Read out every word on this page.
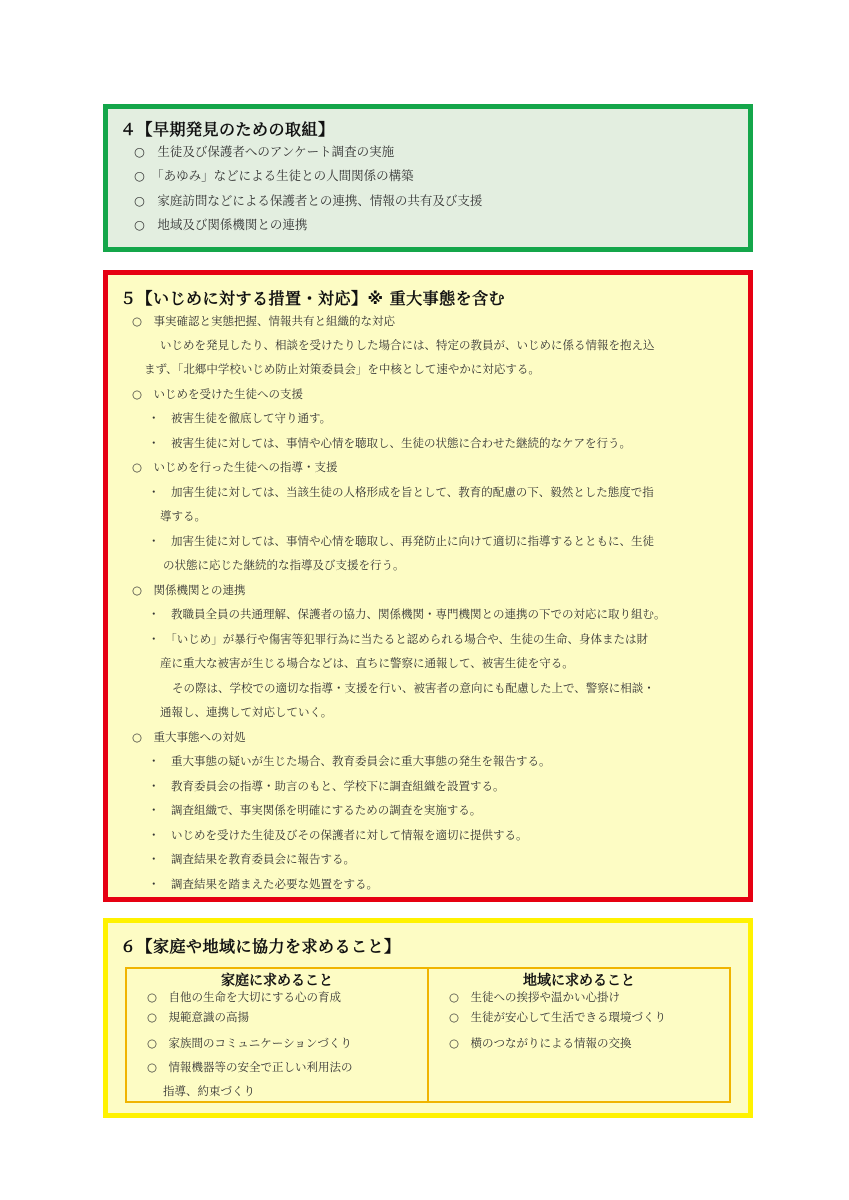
４【早期発見のための取組】
○　生徒及び保護者へのアンケート調査の実施
○　「あゆみ」などによる生徒との人間関係の構築
○　家庭訪問などによる保護者との連携、情報の共有及び支援
○　地域及び関係機関との連携
５【いじめに対する措置・対応】※ 重大事態を含む
○　事実確認と実態把握、情報共有と組織的な対応
いじめを発見したり、相談を受けたりした場合には、特定の教員が、いじめに係る情報を抱え込
まず、「北郷中学校いじめ防止対策委員会」を中核として速やかに対応する。
○　いじめを受けた生徒への支援
・　被害生徒を徹底して守り通す。
・　被害生徒に対しては、事情や心情を聴取し、生徒の状態に合わせた継続的なケアを行う。
○　いじめを行った生徒への指導・支援
・　加害生徒に対しては、当該生徒の人格形成を旨として、教育的配慮の下、毅然とした態度で指
導する。
・　加害生徒に対しては、事情や心情を聴取し、再発防止に向けて適切に指導するとともに、生徒
の状態に応じた継続的な指導及び支援を行う。
○　関係機関との連携
・　教職員全員の共通理解、保護者の協力、関係機関・専門機関との連携の下での対応に取り組む。
・　「いじめ」が暴行や傷害等犯罪行為に当たると認められる場合や、生徒の生命、身体または財
産に重大な被害が生じる場合などは、直ちに警察に通報して、被害生徒を守る。
その際は、学校での適切な指導・支援を行い、被害者の意向にも配慮した上で、警察に相談・
通報し、連携して対応していく。
○　重大事態への対処
・　重大事態の疑いが生じた場合、教育委員会に重大事態の発生を報告する。
・　教育委員会の指導・助言のもと、学校下に調査組織を設置する。
・　調査組織で、事実関係を明確にするための調査を実施する。
・　いじめを受けた生徒及びその保護者に対して情報を適切に提供する。
・　調査結果を教育委員会に報告する。
・　調査結果を踏まえた必要な処置をする。
６【家庭や地域に協力を求めること】
家庭に求めること
○　自他の生命を大切にする心の育成
○　規範意識の高揚
○　家族間のコミュニケーションづくり
○　情報機器等の安全で正しい利用法の
指導、約束づくり

地域に求めること
○　生徒への挨拶や温かい心掛け
○　生徒が安心して生活できる環境づくり
○　横のつながりによる情報の交換
